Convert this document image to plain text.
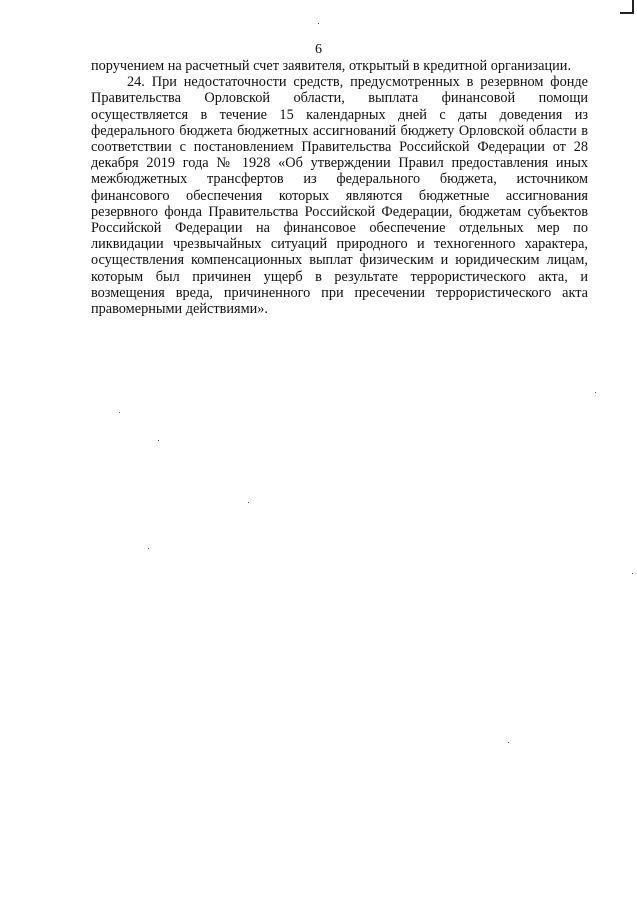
6

поручением на расчетный счет заявителя, открытый в кредитной организации.

24. При недостаточности средств, предусмотренных в резервном фонде Правительства Орловской области, выплата финансовой помощи осуществляется в течение 15 календарных дней с даты доведения из федерального бюджета бюджетных ассигнований бюджету Орловской области в соответствии с постановлением Правительства Российской Федерации от 28 декабря 2019 года № 1928 «Об утверждении Правил предоставления иных межбюджетных трансфертов из федерального бюджета, источником финансового обеспечения которых являются бюджетные ассигнования резервного фонда Правительства Российской Федерации, бюджетам субъектов Российской Федерации на финансовое обеспечение отдельных мер по ликвидации чрезвычайных ситуаций природного и техногенного характера, осуществления компенсационных выплат физическим и юридическим лицам, которым был причинен ущерб в результате террористического акта, и возмещения вреда, причиненного при пресечении террористического акта правомерными действиями».
